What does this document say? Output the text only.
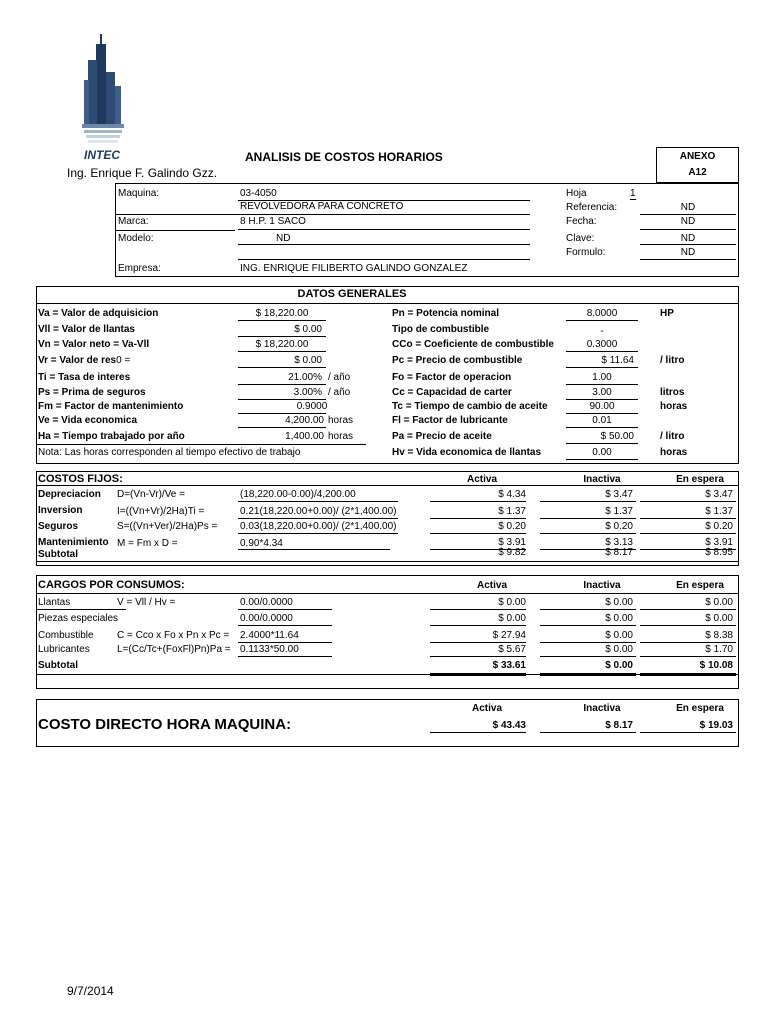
INTEC
Ing. Enrique F. Galindo Gzz.
ANALISIS DE COSTOS HORARIOS	ANEXO
A12
Maquina:	03-4050
REVOLVEDORA PARA CONCRETO
Marca:	8 H.P. 1 SACO
Modelo:	ND
Empresa:	ING. ENRIQUE FILIBERTO GALINDO GONZALEZ
Hoja	1
Referencia:	ND
Fecha:	ND
Clave:	ND
Formulo:	ND
DATOS GENERALES
Va = Valor de adquisicion	$ 18,220.00
Vll = Valor de llantas	$ 0.00
Vn = Valor neto = Va-Vll	$ 18,220.00
Vr = Valor de res0 =	$ 0.00
Ti = Tasa de interes	21.00% / año
Ps = Prima de seguros	3.00% / año
Fm = Factor de mantenimiento	0.9000
Ve = Vida economica	4,200.00 horas
Ha = Tiempo trabajado por año	1,400.00 horas
Nota: Las horas corresponden al tiempo efectivo de trabajo
Pn = Potencia nominal	8.0000	HP
Tipo de combustible	-
CCo = Coeficiente de combustible	0.3000
Pc = Precio de combustible	$ 11.64	/ litro
Fo = Factor de operacion	1.00
Cc = Capacidad de carter	3.00	litros
Tc = Tiempo de cambio de aceite	90.00	horas
Fl = Factor de lubricante	0.01
Pa = Precio de aceite	$ 50.00	/ litro
Hv = Vida economica de llantas	0.00	horas
COSTOS FIJOS:	Activa	Inactiva	En espera
Depreciacion D=(Vn-Vr)/Ve =	(18,220.00-0.00)/4,200.00	$ 4.34	$ 3.47	$ 3.47
Inversion	I=((Vn+Vr)/2Ha)Ti =	0.21(18,220.00+0.00)/ (2*1,400.00)	$ 1.37	$ 1.37	$ 1.37
Seguros	S=((Vn+Ver)/2Ha)Ps = 0.03(18,220.00+0.00)/ (2*1,400.00)	$ 0.20	$ 0.20	$ 0.20
Mantenimiento M = Fm x D =	0.90*4.34	$ 3.91	$ 3.13	$ 3.91
Subtotal	$ 9.82	$ 8.17	$ 8.95
CARGOS POR CONSUMOS:	Activa	Inactiva	En espera
Llantas	V = Vll / Hv =	0.00/0.0000	$ 0.00	$ 0.00	$ 0.00
Piezas especiales	0.00/0.0000	$ 0.00	$ 0.00	$ 0.00
Combustible C = Cco x Fo x Pn x Pc = 2.4000*11.64	$ 27.94	$ 0.00	$ 8.38
Lubricantes	L=(Cc/Tc+(FoxFl)Pn)Pa = 0.1133*50.00	$ 5.67	$ 0.00	$ 1.70
Subtotal	$ 33.61	$ 0.00	$ 10.08
Activa	Inactiva	En espera
COSTO DIRECTO HORA MAQUINA:	$ 43.43	$ 8.17	$ 19.03
9/7/2014
